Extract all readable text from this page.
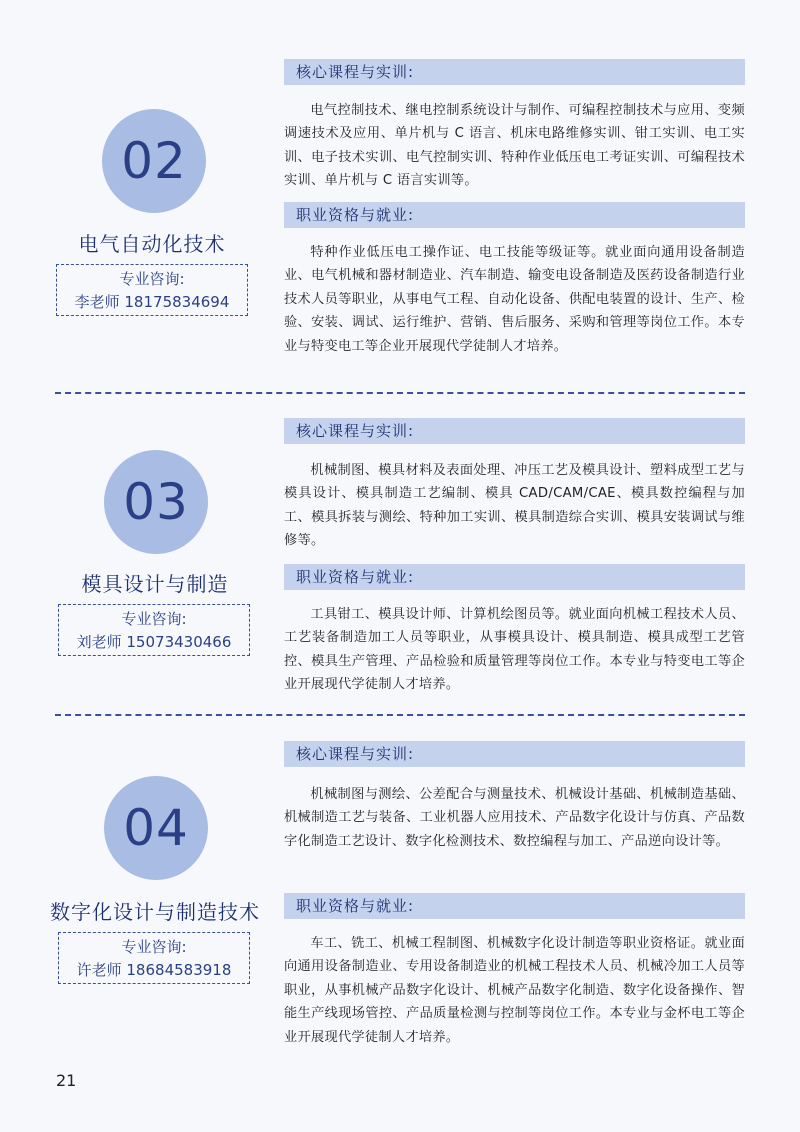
核心课程与实训:
电气控制技术、继电控制系统设计与制作、可编程控制技术与应用、变频调速技术及应用、单片机与 C 语言、机床电路维修实训、钳工实训、电工实训、电子技术实训、电气控制实训、特种作业低压电工考证实训、可编程技术实训、单片机与 C 语言实训等。
02
职业资格与就业:
电气自动化技术	特种作业低压电工操作证、电工技能等级证等。就业面向通用设备制造业、电气机械和器材制造业、汽车制造、输变电设备制造及医药设备制造行业技术人员等职业，从事电气工程、自动化设备、供配电装置的设计、生产、检验、安装、调试、运行维护、营销、售后服务、采购和管理等岗位工作。本专业与特变电工等企业开展现代学徒制人才培养。
专业咨询:
李老师 18175834694
核心课程与实训:
03
机械制图、模具材料及表面处理、冲压工艺及模具设计、塑料成型工艺与模具设计、模具制造工艺编制、模具 CAD/CAM/CAE、模具数控编程与加工、模具拆装与测绘、特种加工实训、模具制造综合实训、模具安装调试与维修等。
职业资格与就业:
模具设计与制造
工具钳工、模具设计师、计算机绘图员等。就业面向机械工程技术人员、工艺装备制造加工人员等职业，从事模具设计、模具制造、模具成型工艺管控、模具生产管理、产品检验和质量管理等岗位工作。本专业与特变电工等企业开展现代学徒制人才培养。
专业咨询:
刘老师 15073430466
核心课程与实训:
机械制图与测绘、公差配合与测量技术、机械设计基础、机械制造基础、机械制造工艺与装备、工业机器人应用技术、产品数字化设计与仿真、产品数字化制造工艺设计、数字化检测技术、数控编程与加工、产品逆向设计等。
04
数字化设计与制造技术	职业资格与就业:
专业咨询:
许老师 18684583918
车工、铣工、机械工程制图、机械数字化设计制造等职业资格证。就业面向通用设备制造业、专用设备制造业的机械工程技术人员、机械冷加工人员等职业，从事机械产品数字化设计、机械产品数字化制造、数字化设备操作、智能生产线现场管控、产品质量检测与控制等岗位工作。本专业与金杯电工等企业开展现代学徒制人才培养。
21
